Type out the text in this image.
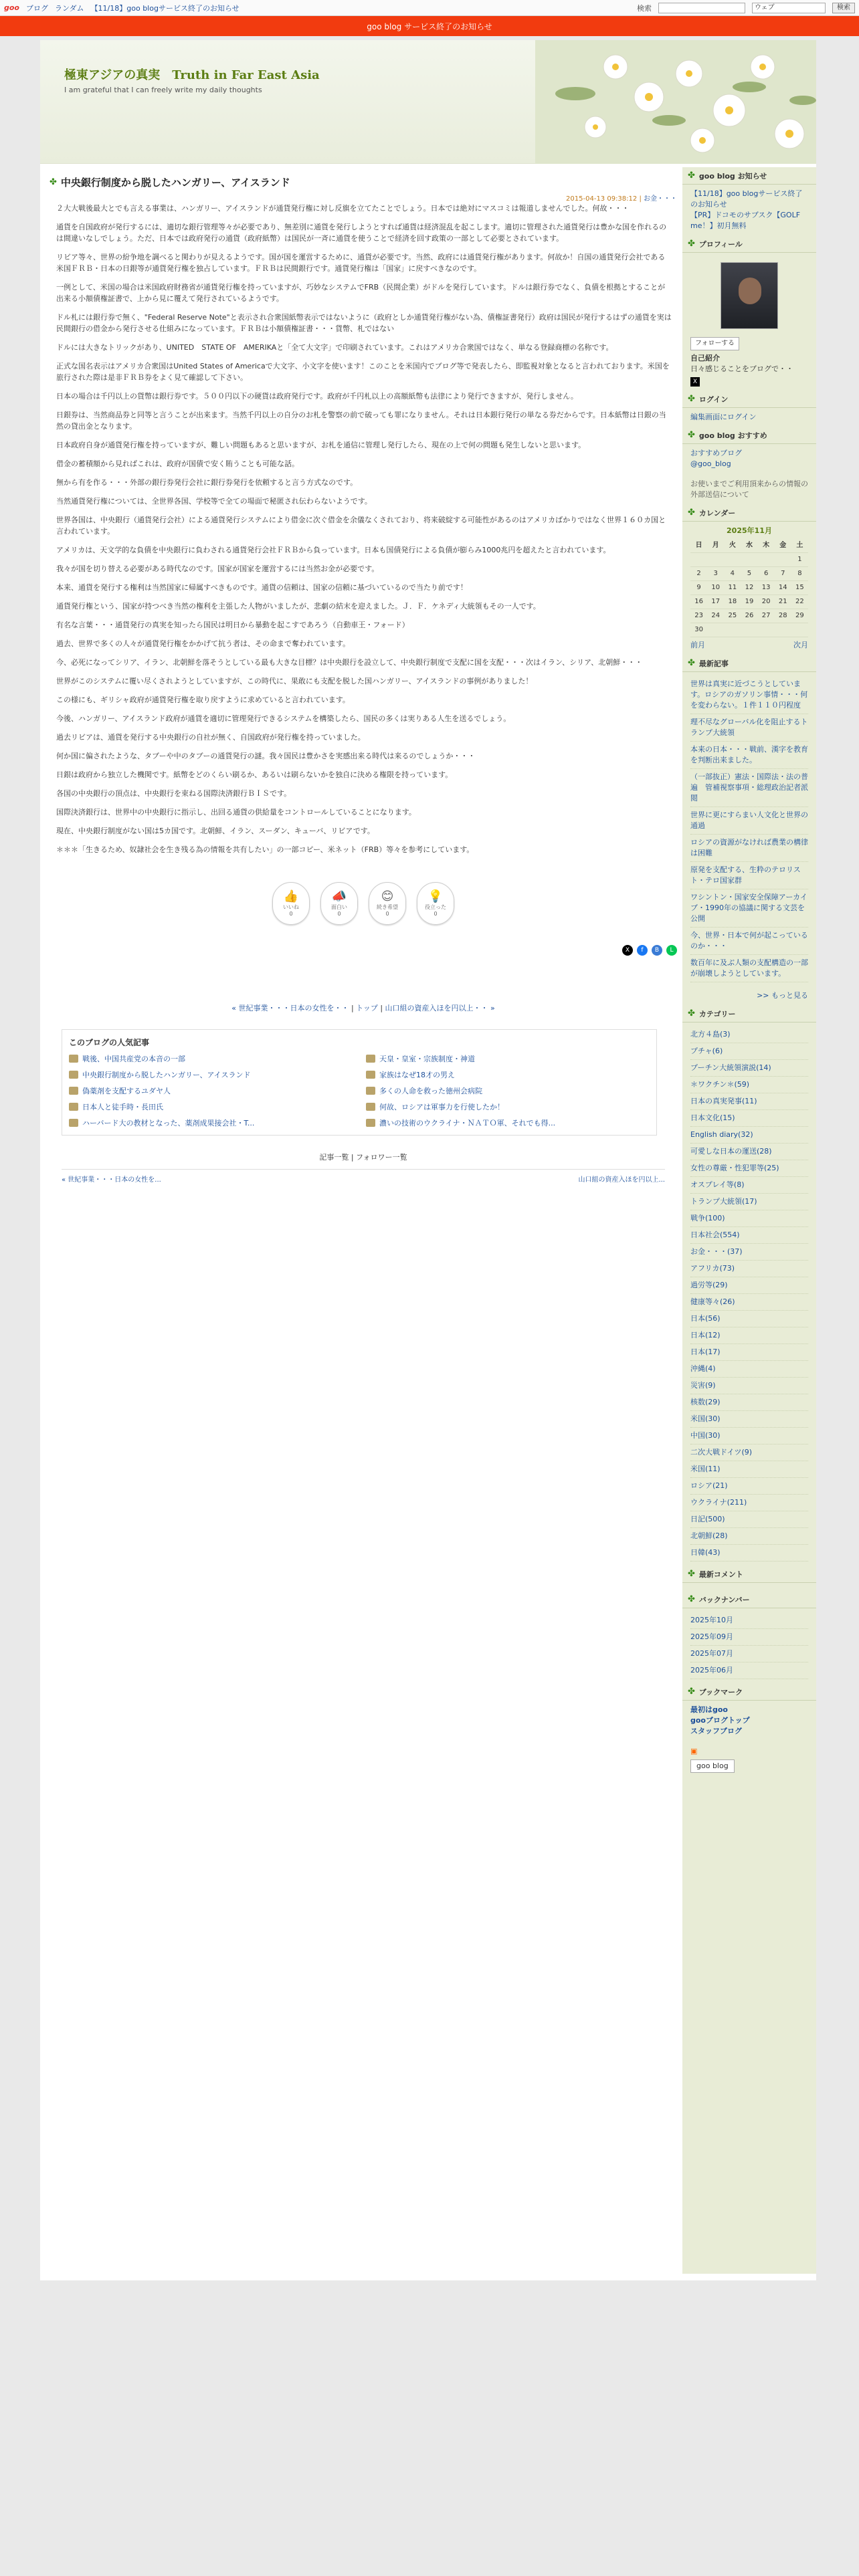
goo ブログ ランダム 【11/18】goo blogサービス終了のお知らせ	検索	ウェブ	検索
goo blog サービス終了のお知らせ
極東アジアの真実　Truth in Far East Asia
I am grateful that I can freely write my daily thoughts
✤ 中央銀行制度から脱したハンガリー、アイスランド
2015-04-13 09:38:12 | お金・・・

２大大戦後最大とでも言える事業は、ハンガリー、アイスランドが通貨発行権に対し反旗を立てたことでしょう。日本では絶対にマスコミは報道しませんでした。何故・・・

通貨を自国政府が発行するには、適切な銀行管理等々が必要であり、無差別に通貨を発行しようとすれば通貨は経済混乱を起こします。適切に管理された通貨発行は豊かな国を作れるのは間違いなしでしょう。ただ、日本では政府発行の通貨（政府紙幣）は国民が一斉に通貨を使うことで経済を回す政策の一部として必要とされています。

リビア等々、世界の紛争地を調べると関わりが見えるようです。国が国を運営するために、通貨が必要です。当然、政府には通貨発行権があります。何故か！自国の通貨発行会社である米国ＦＲＢ・日本の日銀等が通貨発行権を独占しています。ＦＲＢは民間銀行です。通貨発行権は「国家」に戻すべきなのです。

一例として、米国の場合は米国政府財務省が通貨発行権を持っていますが、巧妙なシステムでFRB（民間企業）がドルを発行しています。ドルは銀行券でなく、負債を根拠とすることが出来る小額債権証書で、上から見に覆えて発行されているようです。

ドル札には銀行券で無く、"Federal Reserve Note"と表示され合衆国紙幣表示ではないように（政府としか通貨発行権がない為、債権証書発行）政府は国民が発行するはずの通貨を実は民間銀行の借金から発行させる仕組みになっています。ＦＲＢは小額債権証書・・・貨幣、札ではない

ドルには大きなトリックがあり、UNITED　STATE OF　AMERIKAと「全て大文字」で印刷されています。これはアメリカ合衆国ではなく、単なる登録商標の名称です。

正式な国名表示はアメリカ合衆国はUnited States of Americaで大文字、小文字を使います！このことを米国内でブログ等で発表したら、即監視対象となると言われております。米国を旅行された際は是非ＦＲＢ券をよく見て確認して下さい。

日本の場合は千円以上の貨幣は銀行券です。５００円以下の硬貨は政府発行です。政府が千円札以上の高額紙幣も法律により発行できますが、発行しません。

日銀券は、当然商品券と同等と言うことが出来ます。当然千円以上の自分のお札を警察の前で破っても罪になりません。それは日本銀行発行の単なる券だからです。日本紙幣は日銀の当然の貸出金となります。

日本政府自身が通貨発行権を持っていますが、難しい問題もあると思いますが、お札を通信に管理し発行したら、現在の上で何の問題も発生しないと思います。

借金の蓄積額から見ればこれは、政府が国債で安く賄うことも可能な話。

無から有を作る・・・外部の銀行券発行会社に銀行券発行を依頼すると言う方式なのです。

当然通貨発行権については、全世界各国、学校等で全ての場面で秘匿され伝わらないようです。

世界各国は、中央銀行（通貨発行会社）による通貨発行システムにより借金に次ぐ借金を余儀なくされており、将来破綻する可能性があるのはアメリカばかりではなく世界１６０カ国と言われています。

アメリカは、天文学的な負債を中央銀行に負わされる通貨発行会社ＦＲＢから負っています。日本も国債発行による負債が膨らみ1000兆円を超えたと言われています。

我々が国を切り替える必要がある時代なのです。国家が国家を運営するには当然お金が必要です。

本来、通貨を発行する権利は当然国家に帰属すべきものです。通貨の信頼は、国家の信頼に基づいているので当たり前です！

通貨発行権という、国家が持つべき当然の権利を主張した人物がいましたが、悲劇の結末を迎えました。Ｊ．Ｆ．ケネディ大統領もその一人です。

有名な言葉・・・通貨発行の真実を知ったら国民は明日から暴動を起こすであろう（自動車王・フォード）

過去、世界で多くの人々が通貨発行権をかかげて抗う者は、その命まで奪われています。

今、必死になってシリア、イラン、北朝鮮を落そうとしている最も大きな目標？は中央銀行を設立して、中央銀行制度で支配に国を支配・・・次はイラン、シリア、北朝鮮・・・

世界がこのシステムに覆い尽くされようとしていますが、この時代に、果敢にも支配を脱した国ハンガリー、アイスランドの事例がありました！

この様にも、ギリシャ政府が通貨発行権を取り戻すように求めていると言われています。

今後、ハンガリー、アイスランド政府が通貨を適切に管理発行できるシステムを構築したら、国民の多くは実りある人生を送るでしょう。

過去リビアは、通貨を発行する中央銀行の自社が無く、自国政府が発行権を持っていました。

何か国に偏されたような、タブーや中のタブーの通貨発行の謎。我々国民は豊かさを実感出来る時代は来るのでしょうか・・・

日銀は政府から独立した機関です。紙幣をどのくらい刷るか、あるいは刷らないかを独自に決める権限を持っています。

各国の中央銀行の頂点は、中央銀行を束ねる国際決済銀行ＢＩＳです。

国際決済銀行は、世界中の中央銀行に指示し、出回る通貨の供給量をコントロールしていることになります。

現在、中央銀行制度がない国は5カ国です。北朝鮮、イラン、スーダン、キューバ、リビアです。

＊＊＊「生きるため、奴隷社会を生き残る為の情報を共有したい」の一部コピー、米ネット（FRB）等々を参考にしています。

👍
いいね
0
📣
面白い
0
😊
続き希望
0
💡
役立った
0
X	f	B	L
« 世紀事業・・・日本の女性を・・ | トップ | 山口組の資産入ほを円以上・・ »
このブログの人気記事
戦後、中国共産党の本音の一部	天皇・皇室・宗族制度・神道
中央銀行制度から脱したハンガリー、アイスランド	家族はなぜ18才の男え
偽薬剤を支配するユダヤ人	多くの人命を救った徳州会病院
日本人と徒手時・長田氏	何故、ロシアは軍事力を行使したか！
ハーバード大の教材となった、薬剤成果接会社・T...	濃いの技術のウクライナ・ＮＡＴＯ軍、それでも得...
記事一覧 | フォロワー一覧
« 世紀事業・・・日本の女性を...	山口組の資産入ほを円以上...
✤ goo blog お知らせ
【11/18】goo blogサービス終了のお知らせ
【PR】ドコモのサブスク【GOLF me！】初月無料
✤ プロフィール
フォローする
自己紹介
日々感じることをブログで・・
X
✤ ログイン
編集画面にログイン
✤ goo blog おすすめ
おすすめブログ
@goo_blog
お使いまでご利用頂来からの情報の外部送信について
✤ カレンダー
2025年11月
日	月	火	水	木	金	土
						1
2	3	4	5	6	7	8
9	10	11	12	13	14	15
16	17	18	19	20	21	22
23	24	25	26	27	28	29
30						
前月	次月
✤ 最新記事
世界は真実に近づこうとしています。ロシアのガソリン事情・・・何を変わらない。１件１１０円程度
理不尽なグローバル化を阻止するトランプ大統領
本来の日本・・・戦前、漢字を教育を判断出来ました。
（一部抜正）憲法・国際法・法の普遍　管補視察事項・総理政治記者派閲
世界に更にすらまい人文化と世界の通過
ロシアの資源がなければ農業の構律は困難
原発を支配する、生粋のテロリスト・テロ国家群
ワシントン・国家安全保障アーカイブ・1990年の協議に関する文芸を公開
今、世界・日本で何が起こっているのか・・・
数百年に及ぶ人類の支配構造の一部が崩壊しようとしています。
>> もっと見る
✤ カテゴリー
北方４島(3)
プチャ(6)
プーチン大統領演説(14)
＊ワクチン＊(59)
日本の真実発事(11)
日本文化(15)
English diary(32)
可愛しな日本の運送(28)
女性の尊厳・性犯罪等(25)
オスプレイ等(8)
トランプ大統領(17)
戦争(100)
日本社会(554)
お金・・・(37)
アフリカ(73)
過労等(29)
健康等々(26)
日本(56)
日本(12)
日本(17)
沖縄(4)
災害(9)
核数(29)
米国(30)
中国(30)
二次大戦ドイツ(9)
米国(11)
ロシア(21)
ウクライナ(211)
日記(500)
北朝鮮(28)
日韓(43)
✤ 最新コメント
✤ バックナンバー
2025年10月
2025年09月
2025年07月
2025年06月
✤ ブックマーク
最初はgoo
gooブログトップ
スタッフブログ
▣
goo blog
